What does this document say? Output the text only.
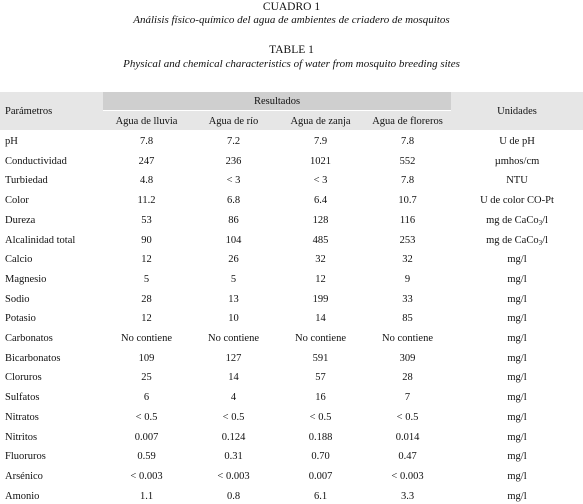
CUADRO 1
Análisis físico-químico del agua de ambientes de criadero de mosquitos
TABLE 1
Physical and chemical characteristics of water from mosquito breeding sites
Parámetros
Resultados
Unidades
Agua de lluvia	Agua de río	Agua de zanja	Agua de floreros
pH	7.8	7.2	7.9	7.8	U de pH
Conductividad	247	236	1021	552	µmhos/cm
Turbiedad	4.8	< 3	< 3	7.8	NTU
Color	11.2	6.8	6.4	10.7	U de color CO-Pt
Dureza	53	86	128	116	mg de CaCo$_3$/l
Alcalinidad total	90	104	485	253	mg de CaCo$_3$/l
Calcio	12	26	32	32	mg/l
Magnesio	5	5	12	9	mg/l
Sodio	28	13	199	33	mg/l
Potasio	12	10	14	85	mg/l
Carbonatos	No contiene	No contiene	No contiene	No contiene	mg/l
Bicarbonatos	109	127	591	309	mg/l
Cloruros	25	14	57	28	mg/l
Sulfatos	6	4	16	7	mg/l
Nitratos	< 0.5	< 0.5	< 0.5	< 0.5	mg/l
Nitritos	0.007	0.124	0.188	0.014	mg/l
Fluoruros	0.59	0.31	0.70	0.47	mg/l
Arsénico	< 0.003	< 0.003	0.007	< 0.003	mg/l
Amonio	1.1	0.8	6.1	3.3	mg/l
